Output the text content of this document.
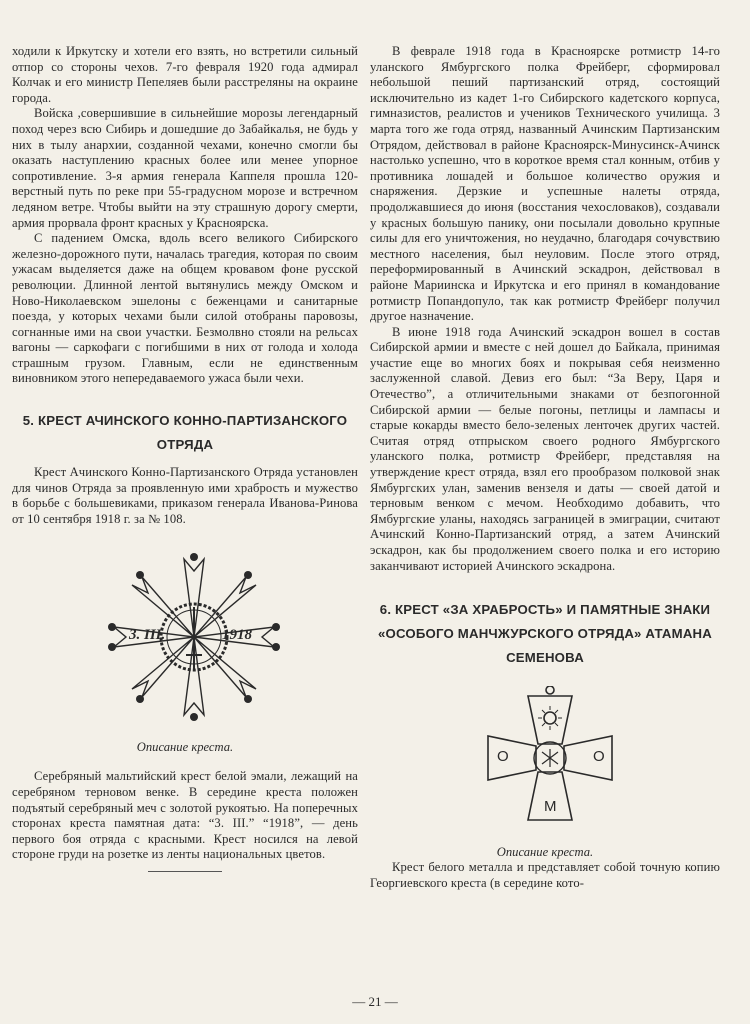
ходили к Иркутску и хотели его взять, но встретили сильный отпор со стороны чехов. 7-го февраля 1920 года адмирал Колчак и его министр Пепеляев были расстреляны на окраине города.

Войска ,совершившие в сильнейшие морозы легендарный поход через всю Сибирь и дошедшие до Забайкалья, не будь у них в тылу анархии, созданной чехами, конечно смогли бы оказать наступлению красных более или менее упорное сопротивление. 3-я армия генерала Каппеля прошла 120-верстный путь по реке при 55-градусном морозе и встречном ледяном ветре. Чтобы выйти на эту страшную дорогу смерти, армия прорвала фронт красных у Красноярска.

С падением Омска, вдоль всего великого Сибирского железно-дорожного пути, началась трагедия, которая по своим ужасам выделяется даже на общем кровавом фоне русской революции. Длинной лентой вытянулись между Омском и Ново-Николаевском эшелоны с беженцами и санитарные поезда, у которых чехами были силой отобраны паровозы, согнанные ими на свои участки. Безмолвно стояли на рельсах вагоны — саркофаги с погибшими в них от голода и холода страшным грузом. Главным, если не единственным виновником этого непередаваемого ужаса были чехи.

5. КРЕСТ АЧИНСКОГО КОННО-ПАРТИЗАНСКОГО ОТРЯДА

Крест Ачинского Конно-Партизанского Отряда установлен для чинов Отряда за проявленную ими храбрость и мужество в борьбе с большевиками, приказом генерала Иванова-Ринова от 10 сентября 1918 г. за № 108.

3. III.	1918
Описание креста.

Серебряный мальтийский крест белой эмали, лежащий на серебряном терновом венке. В середине креста положен подъятый серебряный меч с золотой рукоятью. На поперечных сторонах креста памятная дата: “3. III.” “1918”, — день первого боя отряда с красными. Крест носился на левой стороне груди на розетке из ленты национальных цветов.

В феврале 1918 года в Красноярске ротмистр 14-го уланского Ямбургского полка Фрейберг, сформировал небольшой пеший партизанский отряд, состоящий исключительно из кадет 1-го Сибирского кадетского корпуса, гимназистов, реалистов и учеников Технического училища. 3 марта того же года отряд, названный Ачинским Партизанским Отрядом, действовал в районе Красноярск-Минусинск-Ачинск настолько успешно, что в короткое время стал конным, отбив у противника лошадей и большое количество оружия и снаряжения. Дерзкие и успешные налеты отряда, продолжавшиеся до июня (восстания чехословаков), создавали у красных большую панику, они посылали довольно крупные силы для его уничтожения, но неудачно, благодаря сочувствию местного населения, был неуловим. После этого отряд, переформированный в Ачинский эскадрон, действовал в районе Мариинска и Иркутска и его принял в командование ротмистр Попандопуло, так как ротмистр Фрейберг получил другое назначение.

В июне 1918 года Ачинский эскадрон вошел в состав Сибирской армии и вместе с ней дошел до Байкала, принимая участие еще во многих боях и покрывая себя неизменно заслуженной славой. Девиз его был: “За Веру, Царя и Отечество”, а отличительными знаками от безпогонной Сибирской армии — белые погоны, петлицы и лампасы и старые кокарды вместо бело-зеленых ленточек других частей. Считая отряд отпрыском своего родного Ямбургского уланского полка, ротмистр Фрейберг, представляя на утверждение крест отряда, взял его прообразом полковой знак Ямбургских улан, заменив вензеля и даты — своей датой и терновым венком с мечом. Необходимо добавить, что Ямбургские уланы, находясь заграницей в эмиграции, считают Ачинский Конно-Партизанский отряд, а затем Ачинский эскадрон, как бы продолжением своего полка и его историю заканчивают историей Ачинского эскадрона.

6. КРЕСТ «ЗА ХРАБРОСТЬ» И ПАМЯТНЫЕ ЗНАКИ «ОСОБОГО МАНЧЖУРСКОГО ОТРЯДА» АТАМАНА СЕМЕНОВА
О	О
М
Описание креста.

Крест белого металла и представляет собой точную копию Георгиевского креста (в середине кото-

— 21 —
